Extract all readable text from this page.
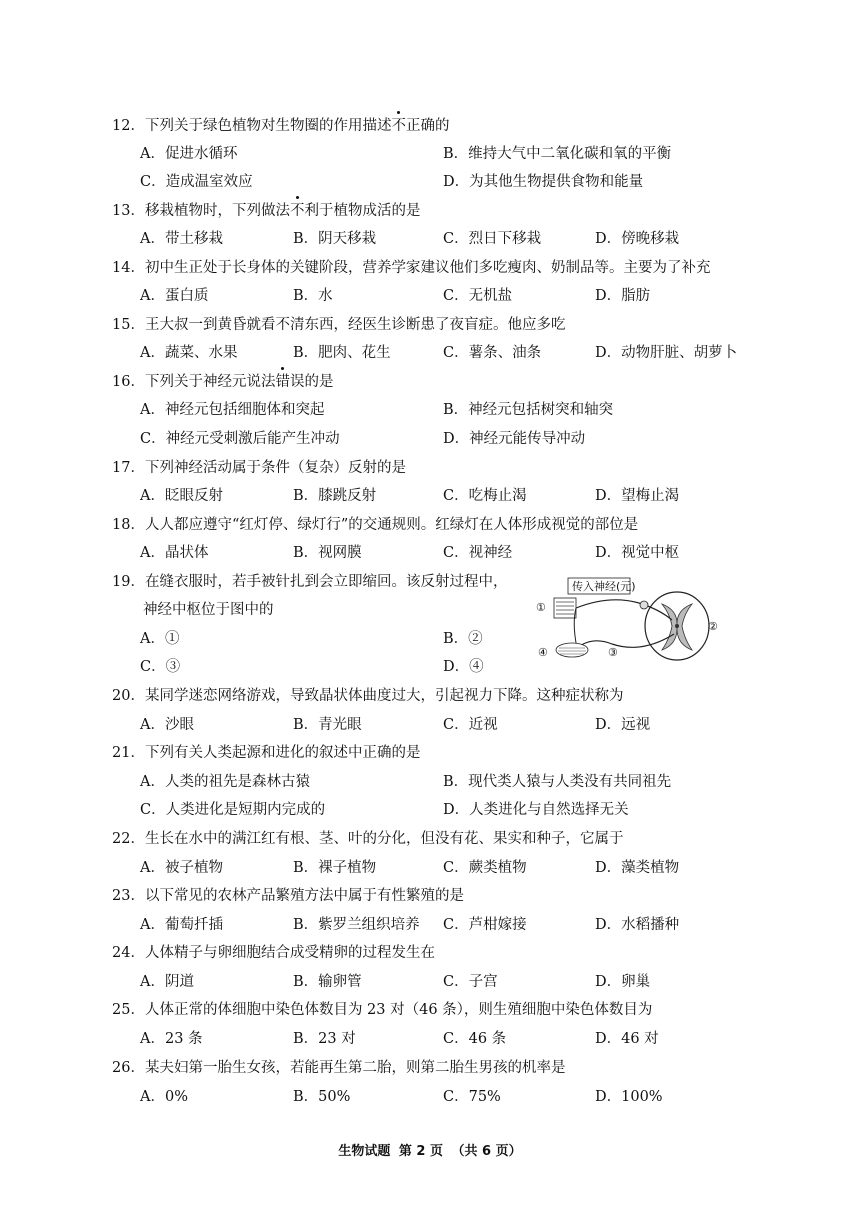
12．下列关于绿色植物对生物圈的作用描述不正确的
A．促进水循环	B．维持大气中二氧化碳和氧的平衡
C．造成温室效应	D．为其他生物提供食物和能量
13．移栽植物时，下列做法不利于植物成活的是
A．带土移栽	B．阴天移栽	C．烈日下移栽	D．傍晚移栽
14．初中生正处于长身体的关键阶段，营养学家建议他们多吃瘦肉、奶制品等。主要为了补充
A．蛋白质	B．水	C．无机盐	D．脂肪
15．王大叔一到黄昏就看不清东西，经医生诊断患了夜盲症。他应多吃
A．蔬菜、水果	B．肥肉、花生	C．薯条、油条	D．动物肝脏、胡萝卜
16．下列关于神经元说法错误的是
A．神经元包括细胞体和突起	B．神经元包括树突和轴突
C．神经元受刺激后能产生冲动	D．神经元能传导冲动
17．下列神经活动属于条件（复杂）反射的是
A．眨眼反射	B．膝跳反射	C．吃梅止渴	D．望梅止渴
18．人人都应遵守“红灯停、绿灯行”的交通规则。红绿灯在人体形成视觉的部位是
A．晶状体	B．视网膜	C．视神经	D．视觉中枢
19．在缝衣服时，若手被针扎到会立即缩回。该反射过程中，
神经中枢位于图中的
A．①	B．②
C．③	D．④
传入神经(元)
①
②
③
④
20．某同学迷恋网络游戏，导致晶状体曲度过大，引起视力下降。这种症状称为
A．沙眼	B．青光眼	C．近视	D．远视
21．下列有关人类起源和进化的叙述中正确的是
A．人类的祖先是森林古猿	B．现代类人猿与人类没有共同祖先
C．人类进化是短期内完成的	D．人类进化与自然选择无关
22．生长在水中的满江红有根、茎、叶的分化，但没有花、果实和种子，它属于
A．被子植物	B．裸子植物	C．蕨类植物	D．藻类植物
23．以下常见的农林产品繁殖方法中属于有性繁殖的是
A．葡萄扦插	B．紫罗兰组织培养 C．芦柑嫁接	D．水稻播种
24．人体精子与卵细胞结合成受精卵的过程发生在
A．阴道	B．输卵管	C．子宫	D．卵巢
25．人体正常的体细胞中染色体数目为 23 对（46 条），则生殖细胞中染色体数目为
A．23 条	B．23 对	C．46 条	D．46 对
26．某夫妇第一胎生女孩，若能再生第二胎，则第二胎生男孩的机率是
A．0%	B．50%	C．75%	D．100%
生物试题 第 2 页 （共 6 页）
